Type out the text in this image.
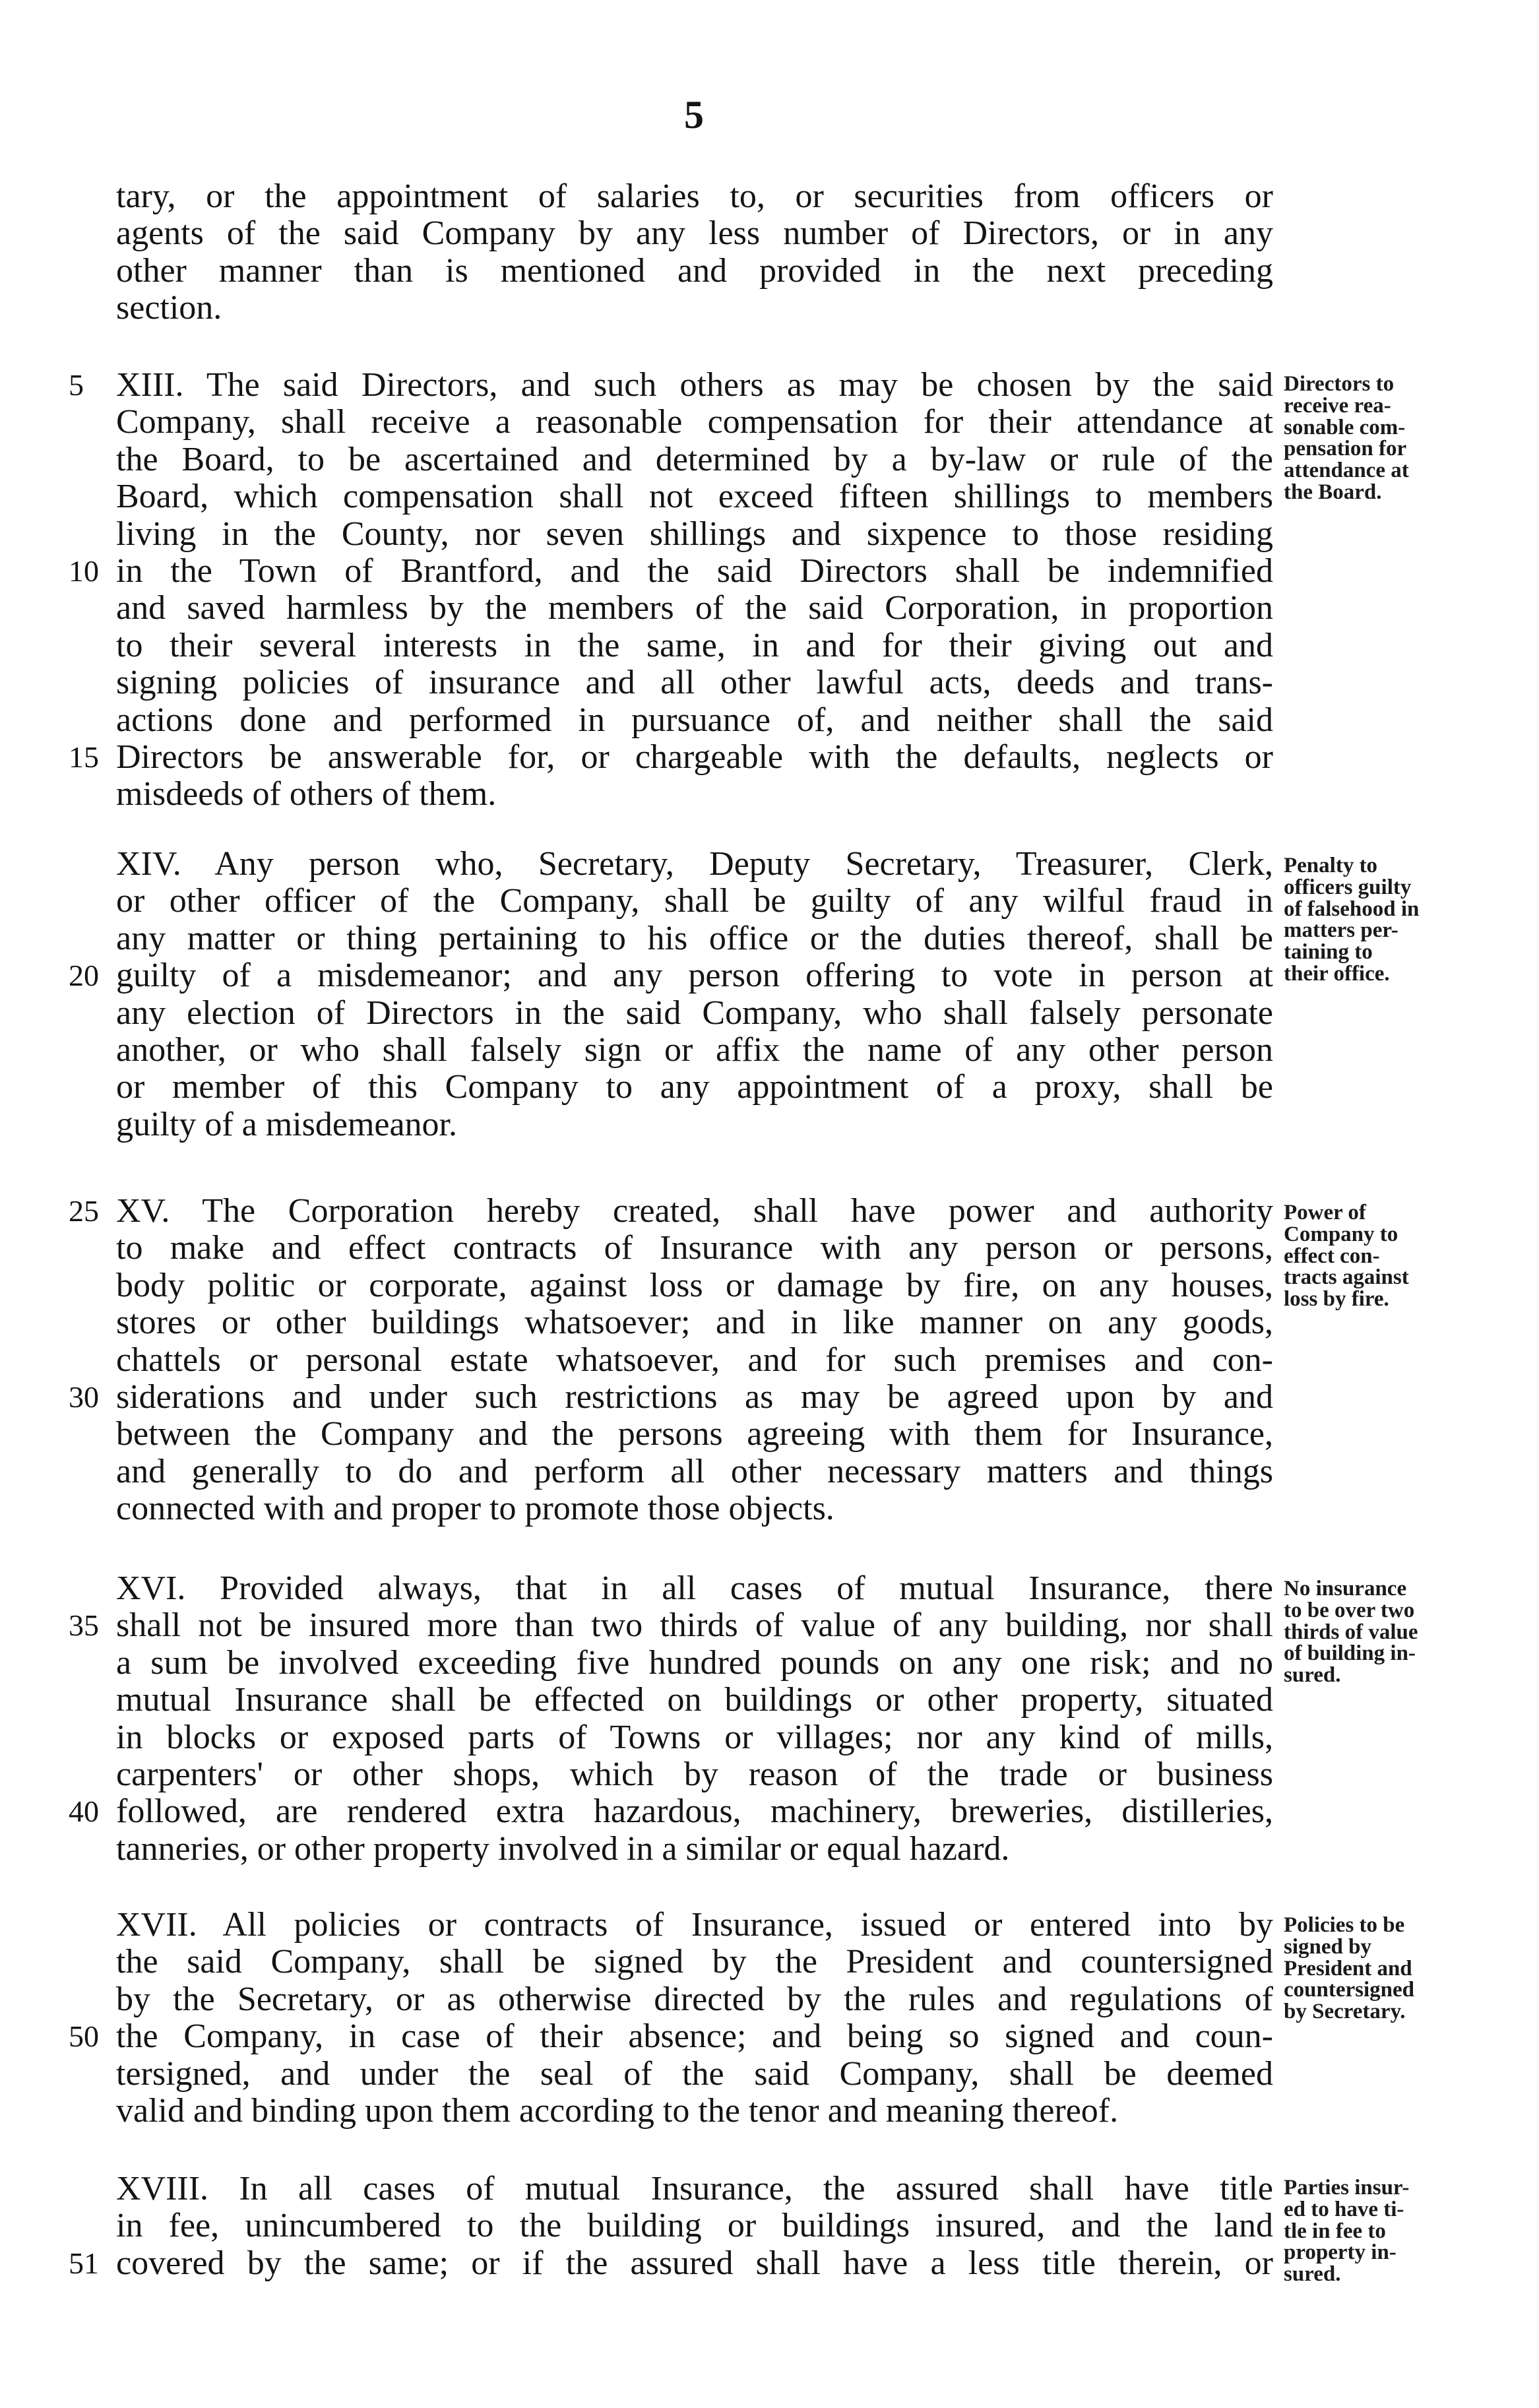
5
tary, or the appointment of salaries to, or securities from officers or
agents of the said Company by any less number of Directors, or in any
other manner than is mentioned and provided in the next preceding
section.
XIII. The said Directors, and such others as may be chosen by the said
Company, shall receive a reasonable compensation for their attendance at
the Board, to be ascertained and determined by a by-law or rule of the
Board, which compensation shall not exceed fifteen shillings to members
living in the County, nor seven shillings and sixpence to those residing
in the Town of Brantford, and the said Directors shall be indemnified
and saved harmless by the members of the said Corporation, in proportion
to their several interests in the same, in and for their giving out and
signing policies of insurance and all other lawful acts, deeds and trans-
actions done and performed in pursuance of, and neither shall the said
Directors be answerable for, or chargeable with the defaults, neglects or
misdeeds of others of them.
Directors to
receive rea-
sonable com-
pensation for
attendance at
the Board.
XIV. Any person who, Secretary, Deputy Secretary, Treasurer, Clerk,
or other officer of the Company, shall be guilty of any wilful fraud in
any matter or thing pertaining to his office or the duties thereof, shall be
guilty of a misdemeanor; and any person offering to vote in person at
any election of Directors in the said Company, who shall falsely personate
another, or who shall falsely sign or affix the name of any other person
or member of this Company to any appointment of a proxy, shall be
guilty of a misdemeanor.
Penalty to
officers guilty
of falsehood in
matters per-
taining to
their office.
XV. The Corporation hereby created, shall have power and authority
to make and effect contracts of Insurance with any person or persons,
body politic or corporate, against loss or damage by fire, on any houses,
stores or other buildings whatsoever; and in like manner on any goods,
chattels or personal estate whatsoever, and for such premises and con-
siderations and under such restrictions as may be agreed upon by and
between the Company and the persons agreeing with them for Insurance,
and generally to do and perform all other necessary matters and things
connected with and proper to promote those objects.
Power of
Company to
effect con-
tracts against
loss by fire.
XVI. Provided always, that in all cases of mutual Insurance, there
shall not be insured more than two thirds of value of any building, nor shall
a sum be involved exceeding five hundred pounds on any one risk; and no
mutual Insurance shall be effected on buildings or other property, situated
in blocks or exposed parts of Towns or villages; nor any kind of mills,
carpenters' or other shops, which by reason of the trade or business
followed, are rendered extra hazardous, machinery, breweries, distilleries,
tanneries, or other property involved in a similar or equal hazard.
No insurance
to be over two
thirds of value
of building in-
sured.
XVII. All policies or contracts of Insurance, issued or entered into by
the said Company, shall be signed by the President and countersigned
by the Secretary, or as otherwise directed by the rules and regulations of
the Company, in case of their absence; and being so signed and coun-
tersigned, and under the seal of the said Company, shall be deemed
valid and binding upon them according to the tenor and meaning thereof.
Policies to be
signed by
President and
countersigned
by Secretary.
XVIII. In all cases of mutual Insurance, the assured shall have title
in fee, unincumbered to the building or buildings insured, and the land
covered by the same; or if the assured shall have a less title therein, or
Parties insur-
ed to have ti-
tle in fee to
property in-
sured.
5
10
15
20
25
30
35
40
50
51
